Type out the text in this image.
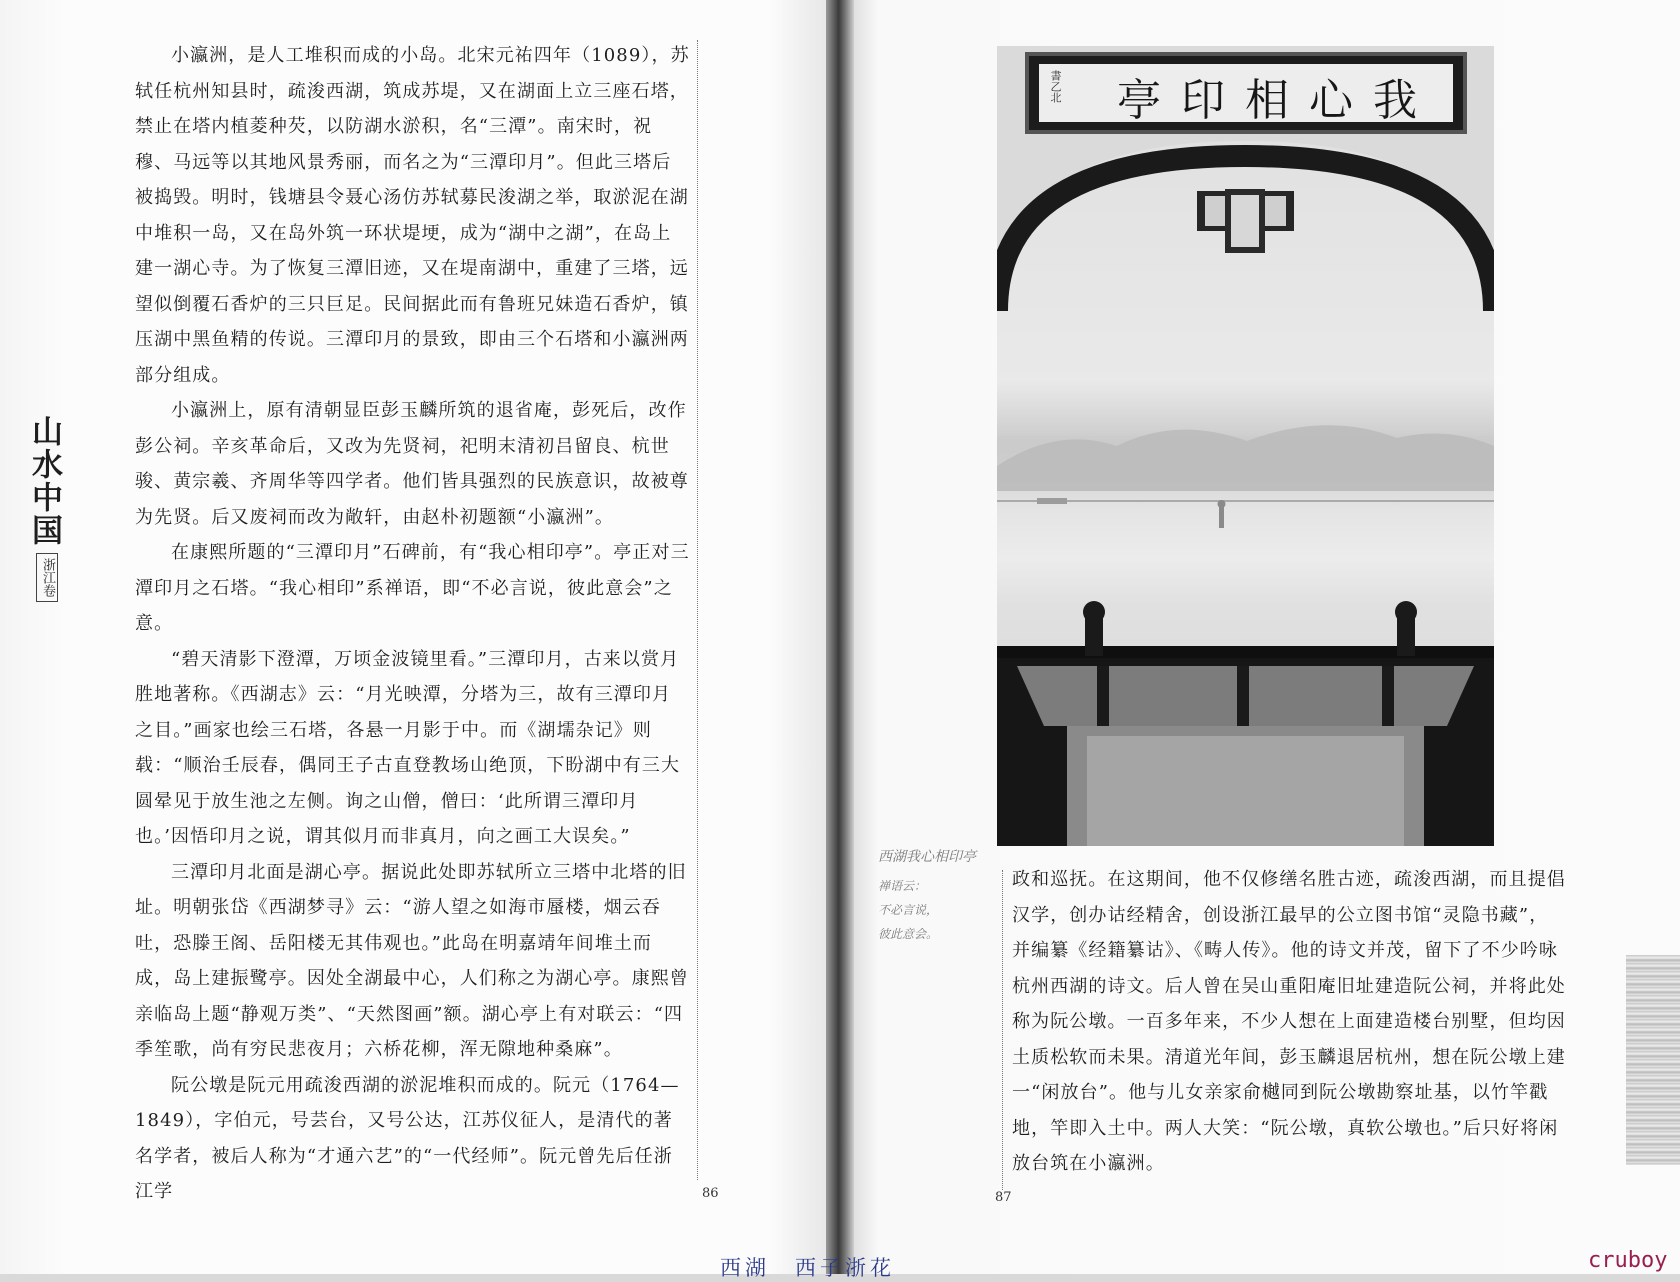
山水中国
浙江卷

小瀛洲，是人工堆积而成的小岛。北宋元祐四年（1089），苏轼任杭州知县时，疏浚西湖，筑成苏堤，又在湖面上立三座石塔，禁止在塔内植菱种芡，以防湖水淤积，名“三潭”。南宋时，祝穆、马远等以其地风景秀丽，而名之为“三潭印月”。但此三塔后被捣毁。明时，钱塘县令聂心汤仿苏轼募民浚湖之举，取淤泥在湖中堆积一岛，又在岛外筑一环状堤埂，成为“湖中之湖”，在岛上建一湖心寺。为了恢复三潭旧迹，又在堤南湖中，重建了三塔，远望似倒覆石香炉的三只巨足。民间据此而有鲁班兄妹造石香炉，镇压湖中黑鱼精的传说。三潭印月的景致，即由三个石塔和小瀛洲两部分组成。

小瀛洲上，原有清朝显臣彭玉麟所筑的退省庵，彭死后，改作彭公祠。辛亥革命后，又改为先贤祠，祀明末清初吕留良、杭世骏、黄宗羲、齐周华等四学者。他们皆具强烈的民族意识，故被尊为先贤。后又废祠而改为敞轩，由赵朴初题额“小瀛洲”。

在康熙所题的“三潭印月”石碑前，有“我心相印亭”。亭正对三潭印月之石塔。“我心相印”系禅语，即“不必言说，彼此意会”之意。

“碧天清影下澄潭，万顷金波镜里看。”三潭印月，古来以赏月胜地著称。《西湖志》云：“月光映潭，分塔为三，故有三潭印月之目。”画家也绘三石塔，各悬一月影于中。而《湖壖杂记》则载：“顺治壬辰春，偶同王子古直登教场山绝顶，下盼湖中有三大圆晕见于放生池之左侧。询之山僧，僧曰：‘此所谓三潭印月也。’因悟印月之说，谓其似月而非真月，向之画工大误矣。”

三潭印月北面是湖心亭。据说此处即苏轼所立三塔中北塔的旧址。明朝张岱《西湖梦寻》云：“游人望之如海市蜃楼，烟云吞吐，恐滕王阁、岳阳楼无其伟观也。”此岛在明嘉靖年间堆土而成，岛上建振鹭亭。因处全湖最中心，人们称之为湖心亭。康熙曾亲临岛上题“静观万类”、“天然图画”额。湖心亭上有对联云：“四季笙歌，尚有穷民悲夜月；六桥花柳，浑无隙地种桑麻”。

阮公墩是阮元用疏浚西湖的淤泥堆积而成的。阮元（1764—1849），字伯元，号芸台，又号公达，江苏仪征人，是清代的著名学者，被后人称为“才通六艺”的“一代经师”。阮元曾先后任浙江学	86
我心相印亭
書乙北
西湖我心相印亭
禅语云：
不必言说，
彼此意会。

政和巡抚。在这期间，他不仅修缮名胜古迹，疏浚西湖，而且提倡汉学，创办诂经精舍，创设浙江最早的公立图书馆“灵隐书藏”，并编纂《经籍纂诂》、《畴人传》。他的诗文并茂，留下了不少吟咏杭州西湖的诗文。后人曾在吴山重阳庵旧址建造阮公祠，并将此处称为阮公墩。一百多年来，不少人想在上面建造楼台别墅，但均因土质松软而未果。清道光年间，彭玉麟退居杭州，想在阮公墩上建一“闲放台”。他与儿女亲家俞樾同到阮公墩勘察址基，以竹竿戳地，竿即入土中。两人大笑：“阮公墩，真软公墩也。”后只好将闲放台筑在小瀛洲。

87
西湖　西子浙花	cruboy
